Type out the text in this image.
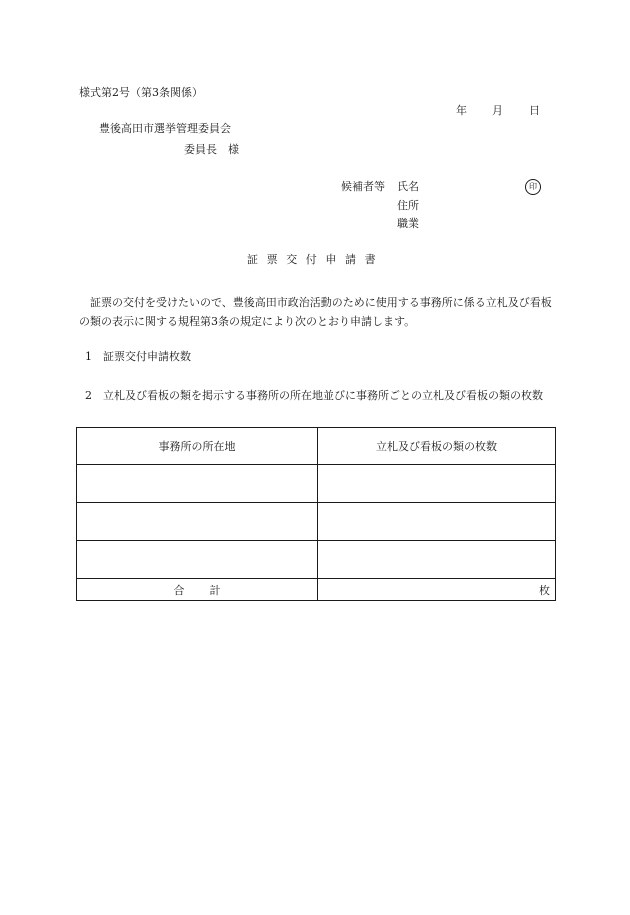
様式第2号（第3条関係）
年 月 日
豊後高田市選挙管理委員会
委員長　様
候補者等 氏名
住所
職業
印
証票交付申請書
証票の交付を受けたいので、豊後高田市政治活動のために使用する事務所に係る立札及び看板の類の表示に関する規程第3条の規定により次のとおり申請します。
1　証票交付申請枚数
2　立札及び看板の類を掲示する事務所の所在地並びに事務所ごとの立札及び看板の類の枚数
事務所の所在地	立札及び看板の類の枚数

合計	枚
